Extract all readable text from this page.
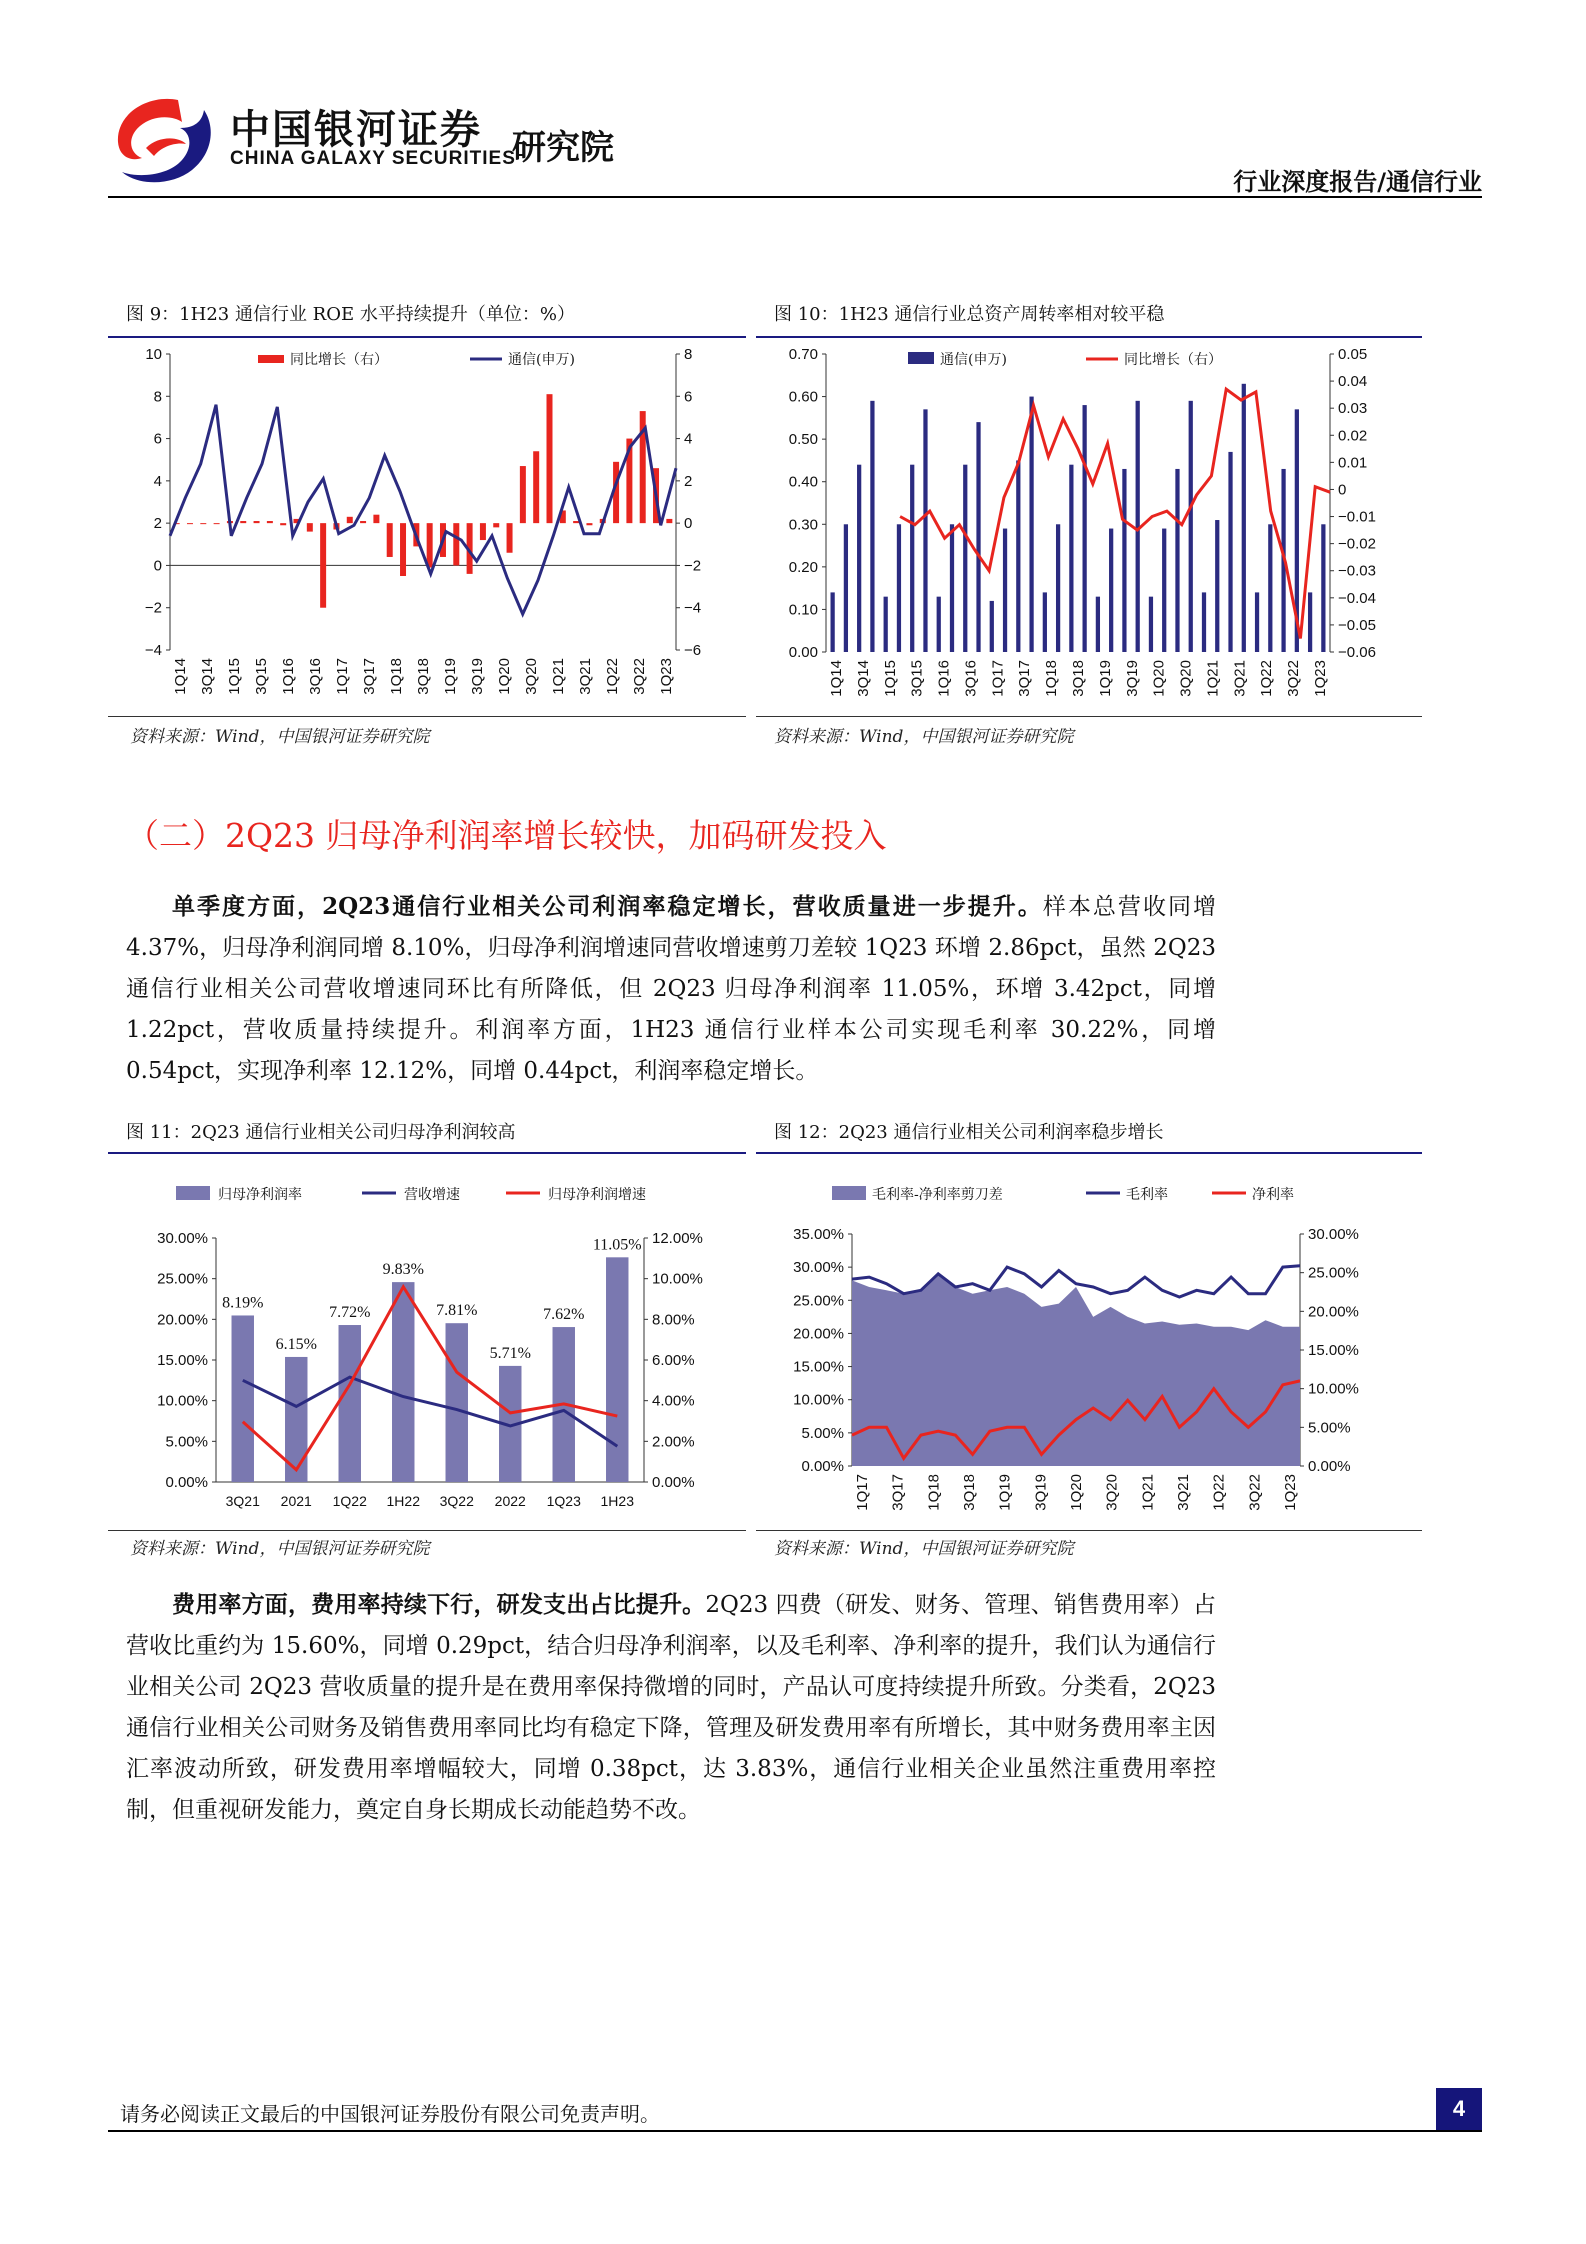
中国银河证券
CHINA GALAXY SECURITIES
研究院
行业深度报告/通信行业
图 9：1H23 通信行业 ROE 水平持续提升（单位：%）	图 10：1H23 通信行业总资产周转率相对较平稳
同比增长（右）	通信(申万)
10
8
6
4
2
0
−2
−4
8
6
4
2
0
−2
−4
−6
1Q14 3Q14 1Q15 3Q15 1Q16 3Q16 1Q17 3Q17 1Q18 3Q18 1Q19 3Q19 1Q20 3Q20 1Q21 3Q21 1Q22 3Q22 1Q23
通信(申万)	同比增长（右）
0.70
0.60
0.50
0.40
0.30
0.20
0.10
0.00
0.05
0.04
0.03
0.02
0.01
0
−0.01
−0.02
−0.03
−0.04
−0.05
−0.06
1Q14 3Q14 1Q15 3Q15 1Q16 3Q16 1Q17 3Q17 1Q18 3Q18 1Q19 3Q19 1Q20 3Q20 1Q21 3Q21 1Q22 3Q22 1Q23
资料来源：Wind，中国银河证券研究院	资料来源：Wind，中国银河证券研究院
（二）2Q23 归母净利润率增长较快，加码研发投入

单季度方面，2Q23通信行业相关公司利润率稳定增长，营收质量进一步提升。样本总营收同增 4.37%，归母净利润同增 8.10%，归母净利润增速同营收增速剪刀差较 1Q23 环增 2.86pct，虽然 2Q23 通信行业相关公司营收增速同环比有所降低，但 2Q23 归母净利润率 11.05%，环增 3.42pct，同增 1.22pct，营收质量持续提升。利润率方面，1H23 通信行业样本公司实现毛利率 30.22%，同增 0.54pct，实现净利率 12.12%，同增 0.44pct，利润率稳定增长。

图 11：2Q23 通信行业相关公司归母净利润较高	图 12：2Q23 通信行业相关公司利润率稳步增长
归母净利润率	营收增速	归母净利润增速
30.00%
25.00%
20.00%
15.00%
10.00%
5.00%
0.00%
12.00%
10.00%
8.00%
6.00%
4.00%
2.00%
0.00%
8.19%
3Q21
6.15%
2021
7.72%
1Q22
9.83%
1H22
7.81%
3Q22
5.71%
2022
7.62%
1Q23
11.05%
1H23
毛利率-净利率剪刀差	毛利率	净利率
35.00%
30.00%
25.00%
20.00%
15.00%
10.00%
5.00%
0.00%
30.00%
25.00%
20.00%
15.00%
10.00%
5.00%
0.00%
1Q17 3Q17 1Q18 3Q18 1Q19 3Q19 1Q20 3Q20 1Q21 3Q21 1Q22 3Q22 1Q23
资料来源：Wind，中国银河证券研究院	资料来源：Wind，中国银河证券研究院

费用率方面，费用率持续下行，研发支出占比提升。2Q23 四费（研发、财务、管理、销售费用率）占营收比重约为 15.60%，同增 0.29pct，结合归母净利润率，以及毛利率、净利率的提升，我们认为通信行业相关公司 2Q23 营收质量的提升是在费用率保持微增的同时，产品认可度持续提升所致。分类看，2Q23 通信行业相关公司财务及销售费用率同比均有稳定下降，管理及研发费用率有所增长，其中财务费用率主因汇率波动所致，研发费用率增幅较大，同增 0.38pct，达 3.83%，通信行业相关企业虽然注重费用率控制，但重视研发能力，奠定自身长期成长动能趋势不改。

请务必阅读正文最后的中国银河证券股份有限公司免责声明。	4
